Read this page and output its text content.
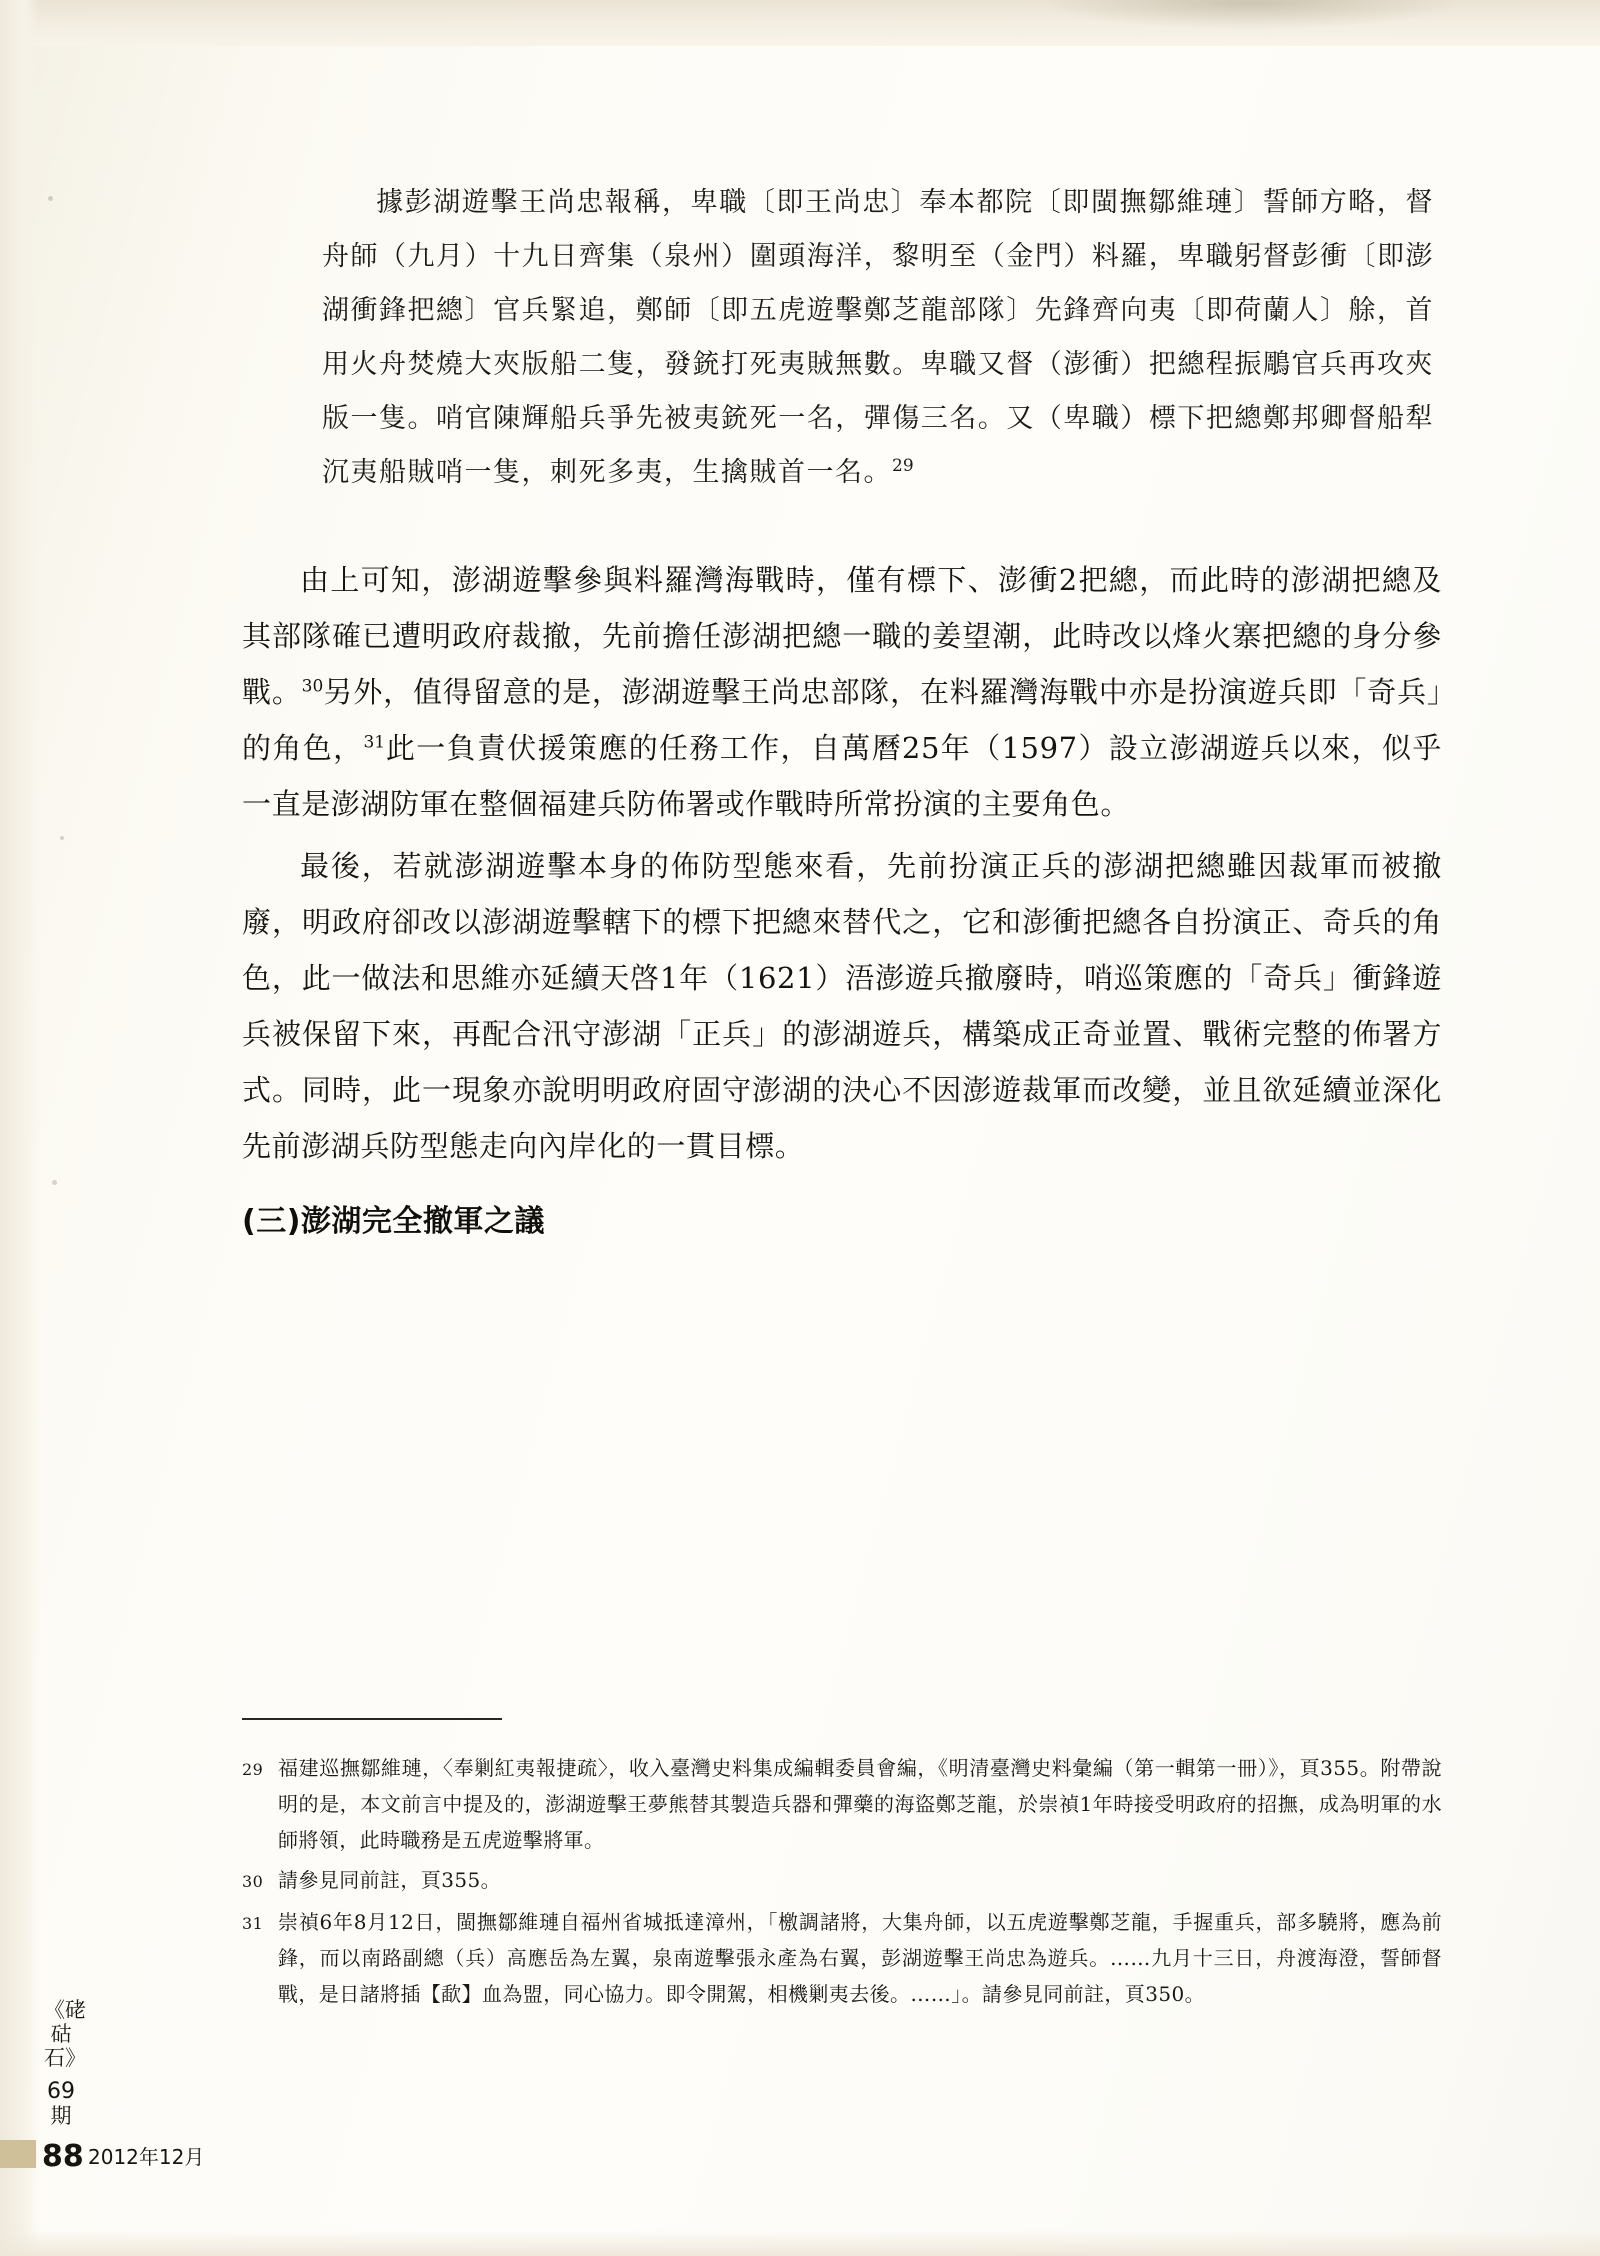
據彭湖遊擊王尚忠報稱，卑職〔即王尚忠〕奉本都院〔即閩撫鄒維璉〕誓師方略，督舟師（九月）十九日齊集（泉州）圍頭海洋，黎明至（金門）料羅，卑職躬督彭衝〔即澎湖衝鋒把總〕官兵緊追，鄭師〔即五虎遊擊鄭芝龍部隊〕先鋒齊向夷〔即荷蘭人〕艅，首用火舟焚燒大夾版船二隻，發銃打死夷賊無數。卑職又督（澎衝）把總程振鵰官兵再攻夾版一隻。哨官陳輝船兵爭先被夷銃死一名，彈傷三名。又（卑職）標下把總鄭邦卿督船犁沉夷船賊哨一隻，刺死多夷，生擒賊首一名。$^{29}$

由上可知，澎湖遊擊參與料羅灣海戰時，僅有標下、澎衝2把總，而此時的澎湖把總及其部隊確已遭明政府裁撤，先前擔任澎湖把總一職的姜望潮，此時改以烽火寨把總的身分參戰。$^{30}$另外，值得留意的是，澎湖遊擊王尚忠部隊，在料羅灣海戰中亦是扮演遊兵即「奇兵」的角色，$^{31}$此一負責伏援策應的任務工作，自萬曆25年（1597）設立澎湖遊兵以來，似乎一直是澎湖防軍在整個福建兵防佈署或作戰時所常扮演的主要角色。

最後，若就澎湖遊擊本身的佈防型態來看，先前扮演正兵的澎湖把總雖因裁軍而被撤廢，明政府卻改以澎湖遊擊轄下的標下把總來替代之，它和澎衝把總各自扮演正、奇兵的角色，此一做法和思維亦延續天啓1年（1621）浯澎遊兵撤廢時，哨巡策應的「奇兵」衝鋒遊兵被保留下來，再配合汛守澎湖「正兵」的澎湖遊兵，構築成正奇並置、戰術完整的佈署方式。同時，此一現象亦說明明政府固守澎湖的決心不因澎遊裁軍而改變，並且欲延續並深化先前澎湖兵防型態走向內岸化的一貫目標。

(三)澎湖完全撤軍之議
29 福建巡撫鄒維璉，〈奉剿紅夷報捷疏〉，收入臺灣史料集成編輯委員會編，《明清臺灣史料彙編（第一輯第一冊）》，頁355。附帶說明的是，本文前言中提及的，澎湖遊擊王夢熊替其製造兵器和彈藥的海盜鄭芝龍，於崇禎1年時接受明政府的招撫，成為明軍的水師將領，此時職務是五虎遊擊將軍。
30 請參見同前註，頁355。
31 崇禎6年8月12日，閩撫鄒維璉自福州省城抵達漳州，「檄調諸將，大集舟師，以五虎遊擊鄭芝龍，手握重兵，部多驍將，應為前鋒，而以南路副總（兵）高應岳為左翼，泉南遊擊張永產為右翼，彭湖遊擊王尚忠為遊兵。……九月十三日，舟渡海澄，誓師督戰，是日諸將插【歃】血為盟，同心協力。即令開駕，相機剿夷去後。……」。請參見同前註，頁350。
《硓𥑮石》
69
期
88 2012年12月
